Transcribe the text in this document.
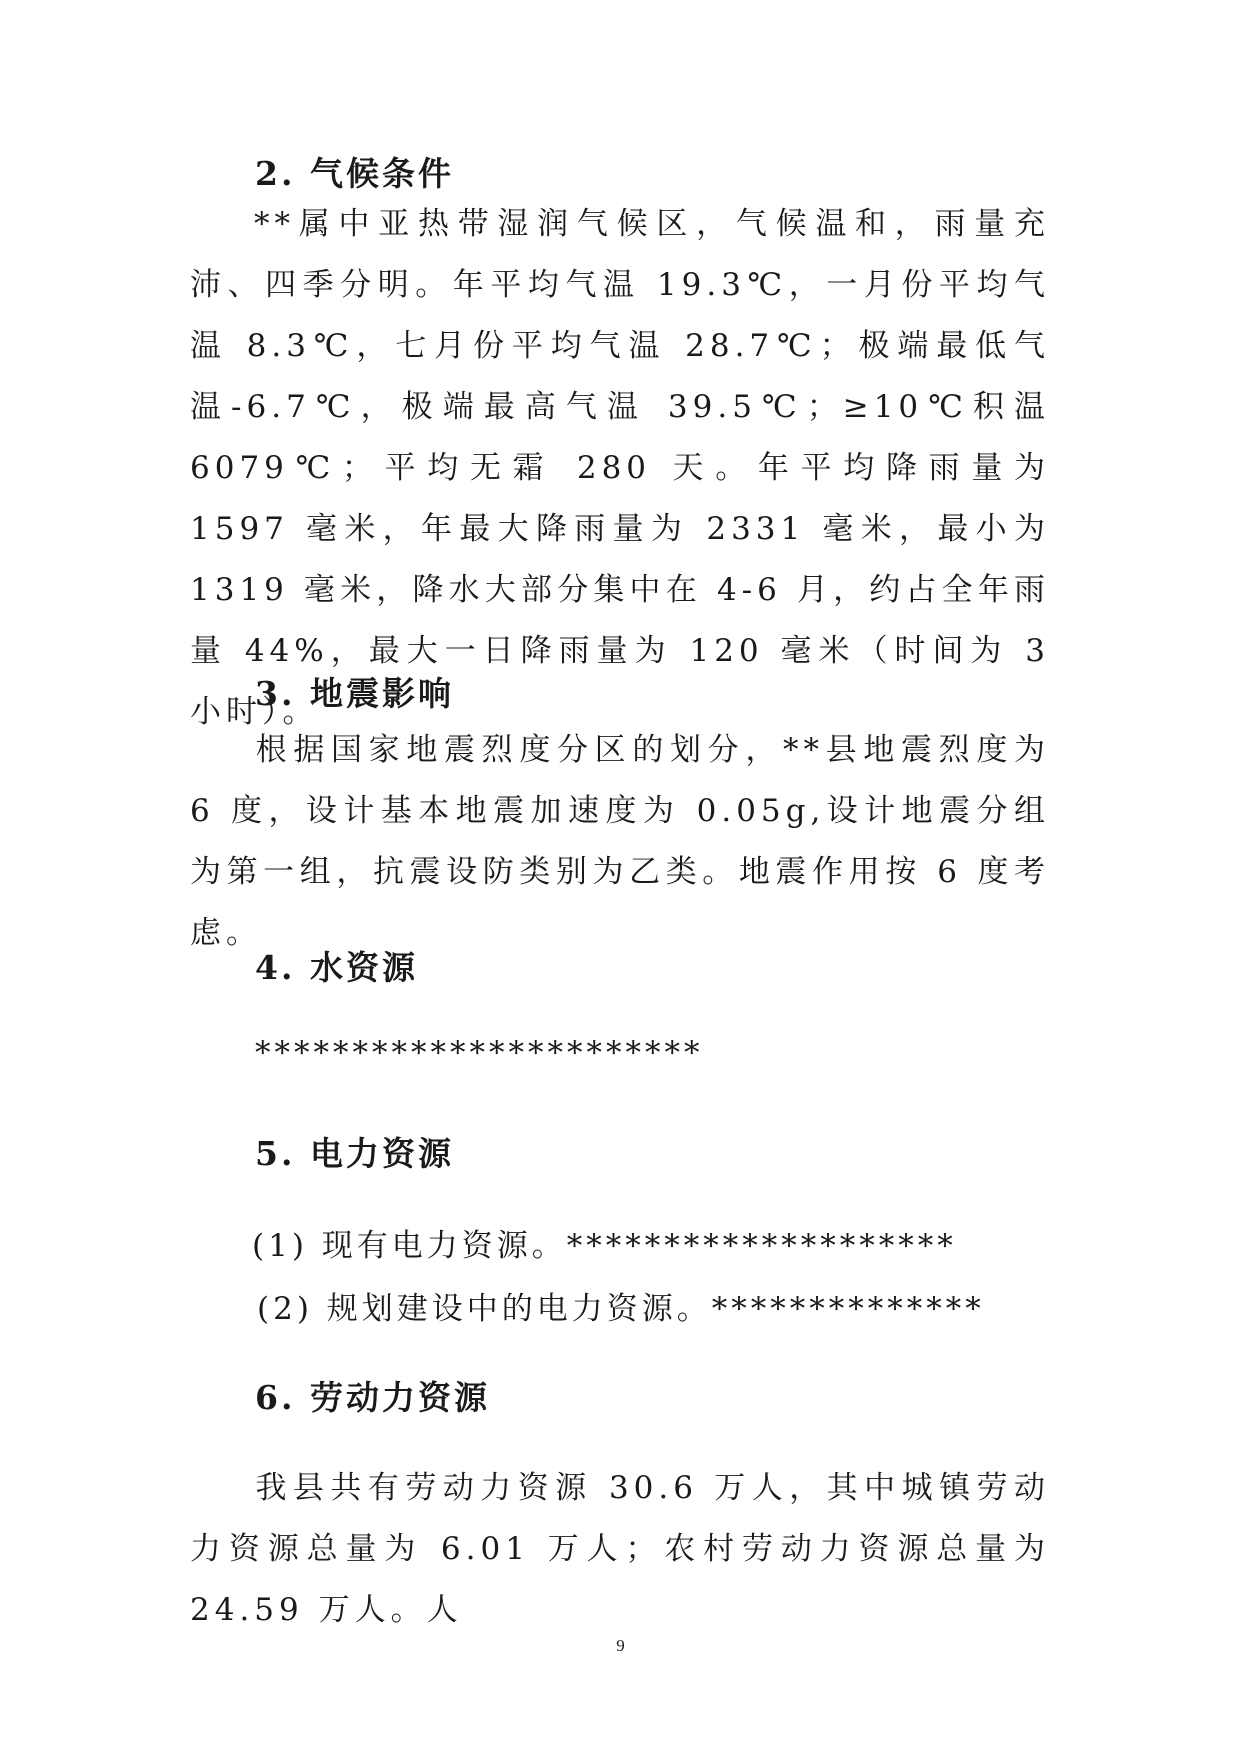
2. 气候条件
**属中亚热带湿润气候区，气候温和，雨量充沛、四季分明。年平均气温 19.3℃，一月份平均气温 8.3℃，七月份平均气温 28.7℃；极端最低气温-6.7℃，极端最高气温 39.5℃；≥10℃积温 6079℃；平均无霜 280 天。年平均降雨量为 1597 毫米，年最大降雨量为 2331 毫米，最小为 1319 毫米，降水大部分集中在 4-6 月，约占全年雨量 44%，最大一日降雨量为 120 毫米（时间为 3 小时）。
3. 地震影响
根据国家地震烈度分区的划分，**县地震烈度为 6 度，设计基本地震加速度为 0.05g,设计地震分组为第一组，抗震设防类别为乙类。地震作用按 6 度考虑。
4. 水资源
***********************
5. 电力资源
(1) 现有电力资源。********************
(2) 规划建设中的电力资源。**************
6. 劳动力资源
我县共有劳动力资源 30.6 万人，其中城镇劳动力资源总量为 6.01 万人；农村劳动力资源总量为 24.59 万人。人
9
